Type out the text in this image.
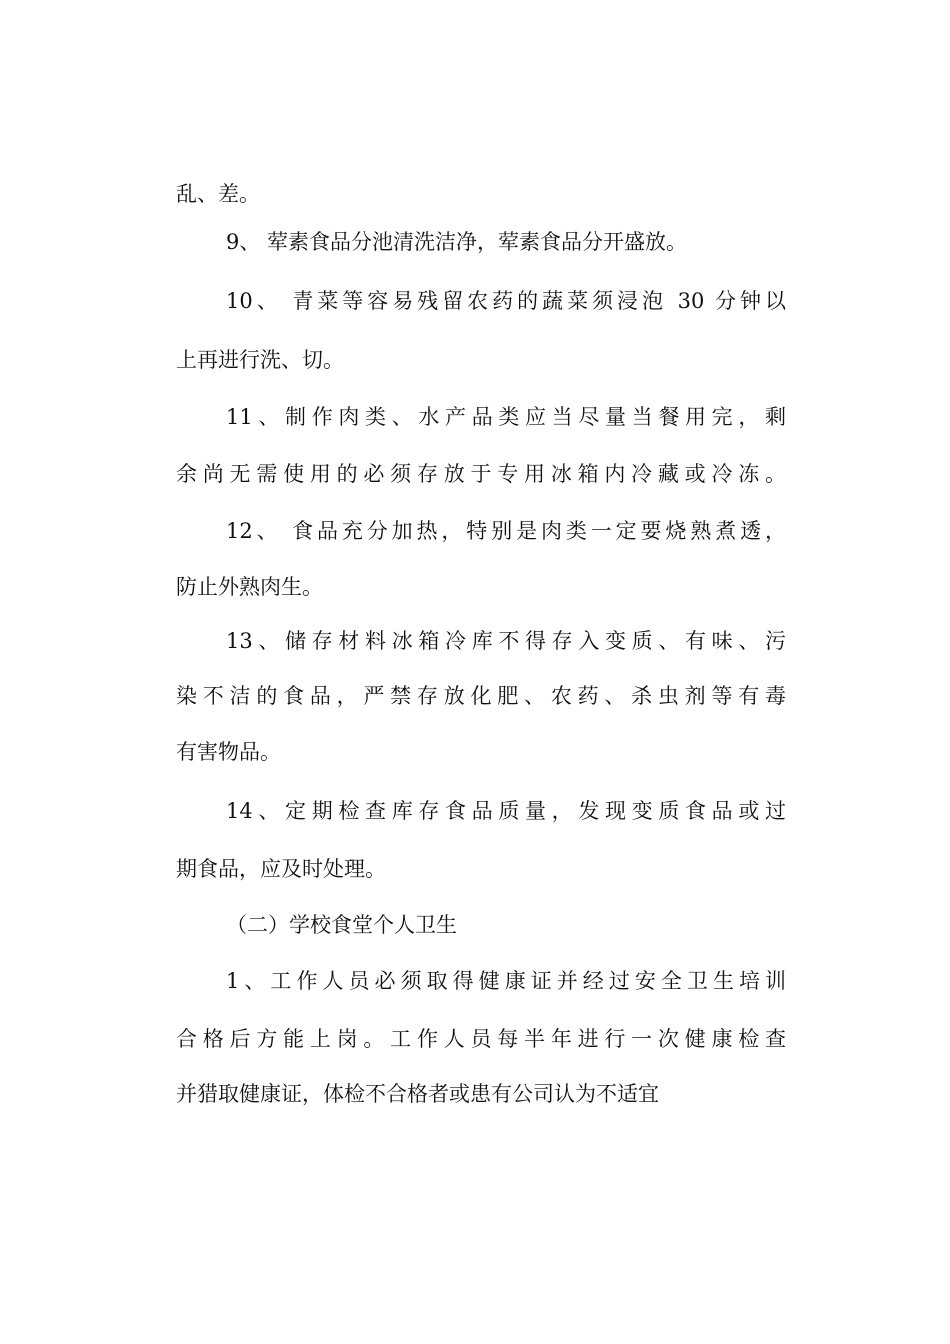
乱、差。
9、 荤素食品分池清洗洁净，荤素食品分开盛放。
10、 青菜等容易残留农药的蔬菜须浸泡 30 分钟以
上再进行洗、切。
11、制作肉类、水产品类应当尽量当餐用完，剩
余尚无需使用的必须存放于专用冰箱内冷藏或冷冻。
12、 食品充分加热，特别是肉类一定要烧熟煮透，
防止外熟肉生。
13、储存材料冰箱冷库不得存入变质、有味、污
染不洁的食品，严禁存放化肥、农药、杀虫剂等有毒
有害物品。
14、定期检查库存食品质量，发现变质食品或过
期食品，应及时处理。
（二）学校食堂个人卫生
1、工作人员必须取得健康证并经过安全卫生培训
合格后方能上岗。工作人员每半年进行一次健康检查
并猎取健康证，体检不合格者或患有公司认为不适宜
